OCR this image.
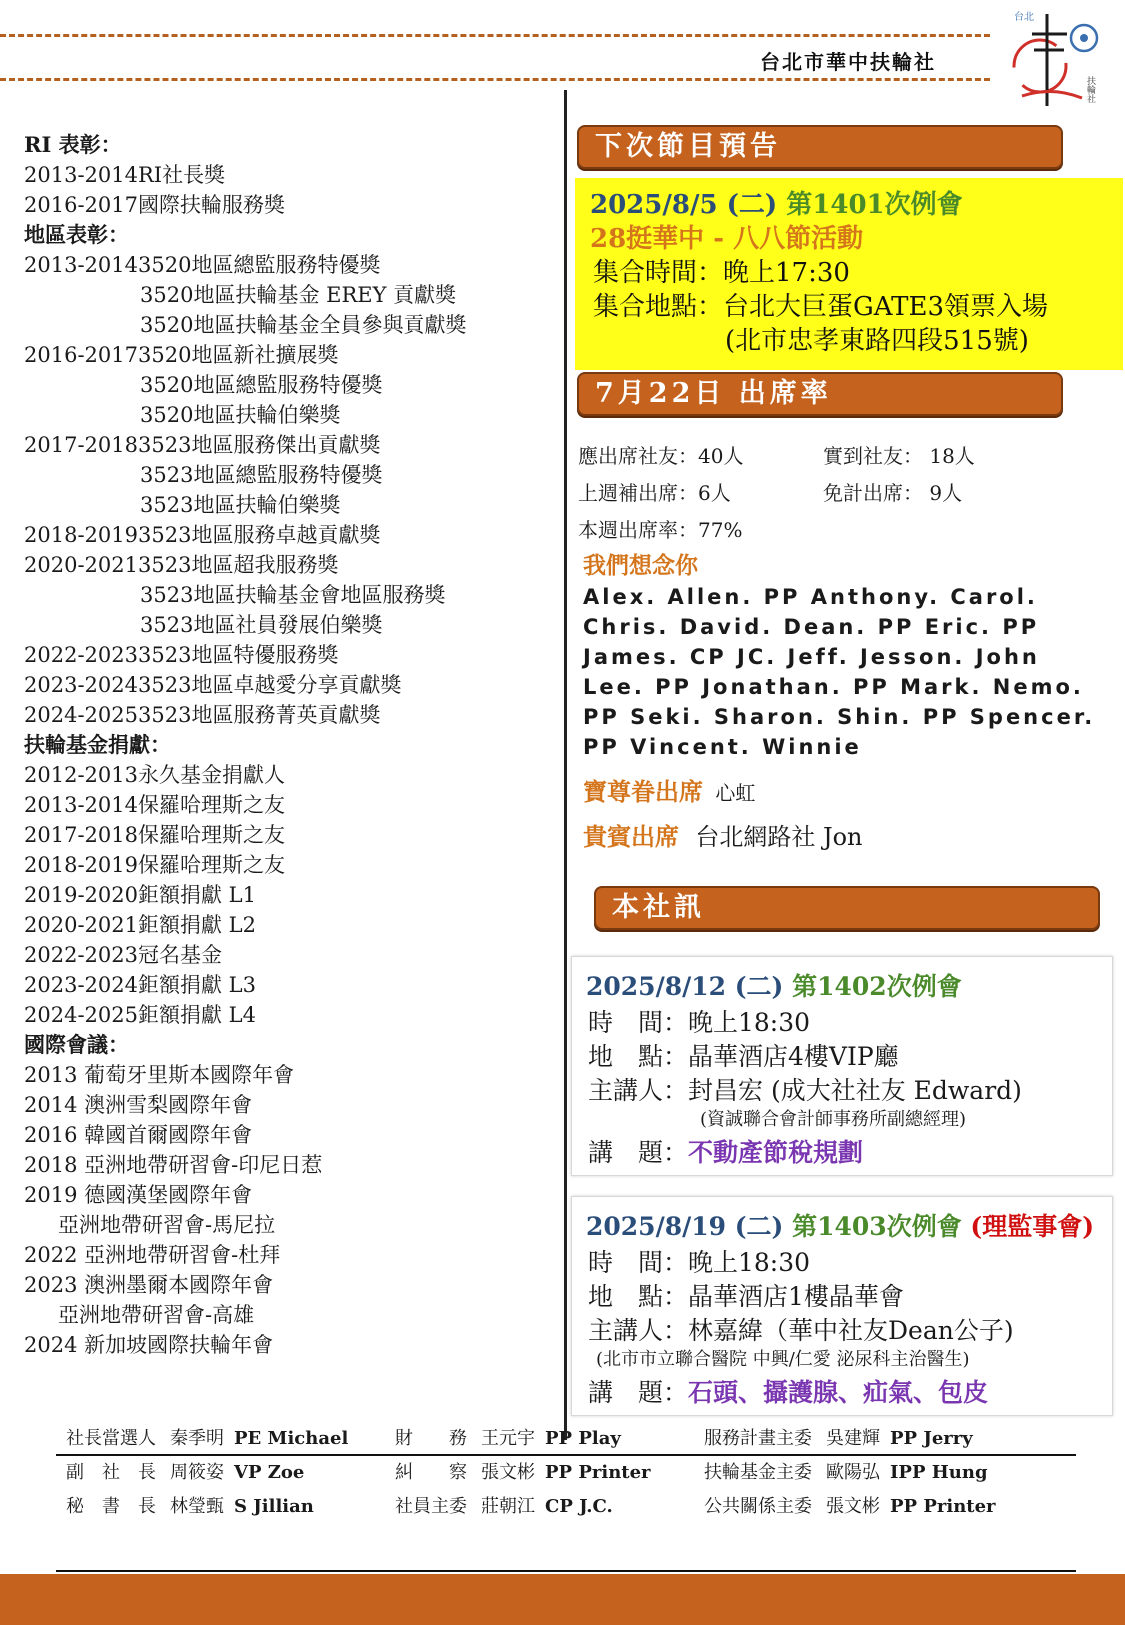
台北市華中扶輪社
台北
扶輪社
RI 表彰：
2013-2014RI社長獎
2016-2017國際扶輪服務獎
地區表彰：
2013-20143520地區總監服務特優獎
3520地區扶輪基金 EREY 貢獻獎
3520地區扶輪基金全員參與貢獻獎
2016-20173520地區新社擴展獎
3520地區總監服務特優獎
3520地區扶輪伯樂獎
2017-20183523地區服務傑出貢獻獎
3523地區總監服務特優獎
3523地區扶輪伯樂獎
2018-20193523地區服務卓越貢獻獎
2020-20213523地區超我服務獎
3523地區扶輪基金會地區服務獎
3523地區社員發展伯樂獎
2022-20233523地區特優服務獎
2023-20243523地區卓越愛分享貢獻獎
2024-20253523地區服務菁英貢獻獎
扶輪基金捐獻：
2012-2013永久基金捐獻人
2013-2014保羅哈理斯之友
2017-2018保羅哈理斯之友
2018-2019保羅哈理斯之友
2019-2020鉅額捐獻 L1
2020-2021鉅額捐獻 L2
2022-2023冠名基金
2023-2024鉅額捐獻 L3
2024-2025鉅額捐獻 L4
國際會議：
2013 葡萄牙里斯本國際年會
2014 澳洲雪梨國際年會
2016 韓國首爾國際年會
2018 亞洲地帶研習會-印尼日惹
2019 德國漢堡國際年會
亞洲地帶研習會-馬尼拉
2022 亞洲地帶研習會-杜拜
2023 澳洲墨爾本國際年會
亞洲地帶研習會-高雄
2024 新加坡國際扶輪年會
下次節目預告
2025/8/5 (二) 第1401次例會
28挺華中 - 八八節活動
集合時間：晚上17:30
集合地點：台北大巨蛋GATE3領票入場
(北市忠孝東路四段515號)
7月22日 出席率
應出席社友：40人	實到社友： 18人
上週補出席：6人	免計出席： 9人
本週出席率：77%
我們想念你
Alex. Allen. PP Anthony. Carol. Chris. David. Dean. PP Eric. PP James. CP JC. Jeff. Jesson. John Lee. PP Jonathan. PP Mark. Nemo. PP Seki. Sharon. Shin. PP Spencer. PP Vincent. Winnie
寶尊眷出席 心虹
貴賓出席 台北網路社 Jon
本社訊
2025/8/12 (二) 第1402次例會
時　間：晚上18:30
地　點：晶華酒店4樓VIP廳
主講人：封昌宏 (成大社社友 Edward)
(資誠聯合會計師事務所副總經理)
講　題：不動產節稅規劃
2025/8/19 (二) 第1403次例會 (理監事會)
時　間：晚上18:30
地　點：晶華酒店1樓晶華會
主講人：林嘉緯（華中社友Dean公子)
(北市市立聯合醫院 中興/仁愛 泌尿科主治醫生)
講　題：石頭、攝護腺、疝氣、包皮
社長當選人 秦季明 PE Michael	財　　務 王元宇 PP Play	服務計畫主委 吳建輝 PP Jerry
副　社　長 周筱姿 VP Zoe	糾　　察 張文彬 PP Printer	扶輪基金主委 歐陽弘 IPP Hung
秘　書　長 林瑩甄 S Jillian	社員主委 莊朝江 CP J.C.	公共關係主委 張文彬 PP Printer
